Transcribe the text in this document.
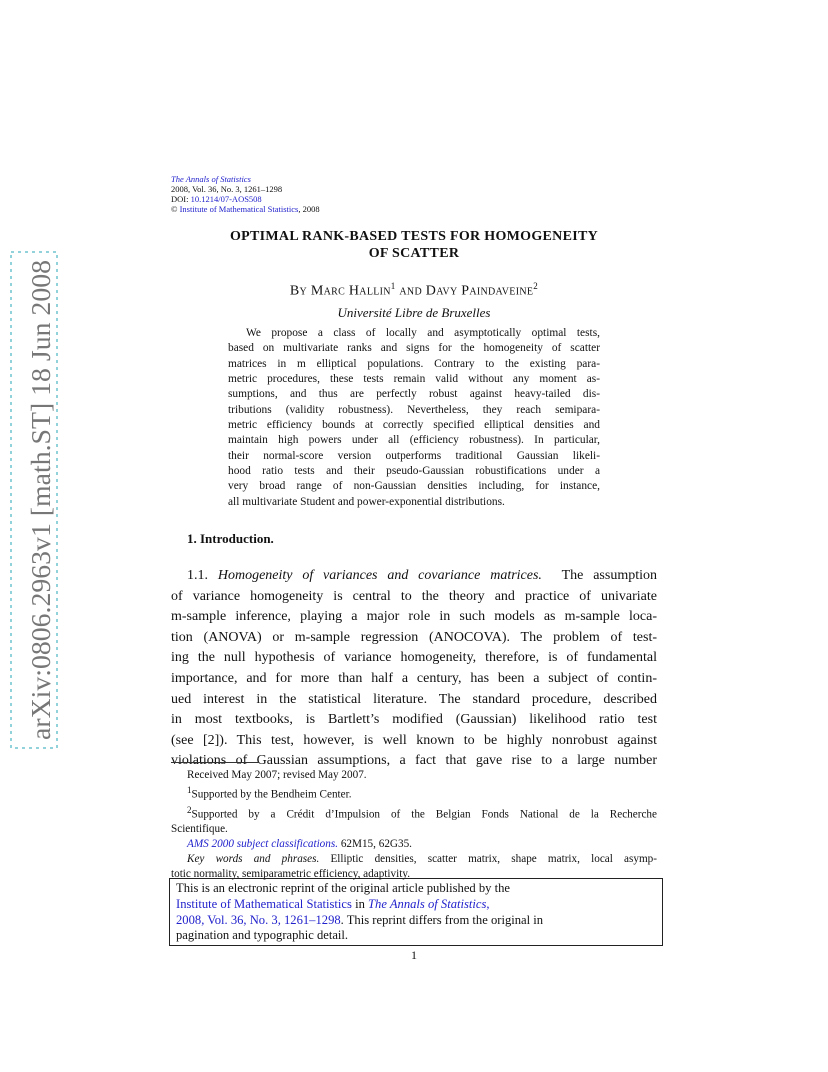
arXiv:0806.2963v1 [math.ST] 18 Jun 2008
The Annals of Statistics
2008, Vol. 36, No. 3, 1261–1298
DOI: 10.1214/07-AOS508
© Institute of Mathematical Statistics, 2008
OPTIMAL RANK-BASED TESTS FOR HOMOGENEITY
OF SCATTER
By Marc Hallin$^1$ and Davy Paindaveine$^2$
Université Libre de Bruxelles
We propose a class of locally and asymptotically optimal tests,
based on multivariate ranks and signs for the homogeneity of scatter
matrices in m elliptical populations. Contrary to the existing para-
metric procedures, these tests remain valid without any moment as-
sumptions, and thus are perfectly robust against heavy-tailed dis-
tributions (validity robustness). Nevertheless, they reach semipara-
metric efficiency bounds at correctly specified elliptical densities and
maintain high powers under all (efficiency robustness). In particular,
their normal-score version outperforms traditional Gaussian likeli-
hood ratio tests and their pseudo-Gaussian robustifications under a
very broad range of non-Gaussian densities including, for instance,
all multivariate Student and power-exponential distributions.
1. Introduction.
1.1. Homogeneity of variances and covariance matrices. The assumption
of variance homogeneity is central to the theory and practice of univariate
m-sample inference, playing a major role in such models as m-sample loca-
tion (ANOVA) or m-sample regression (ANOCOVA). The problem of test-
ing the null hypothesis of variance homogeneity, therefore, is of fundamental
importance, and for more than half a century, has been a subject of contin-
ued interest in the statistical literature. The standard procedure, described
in most textbooks, is Bartlett’s modified (Gaussian) likelihood ratio test
(see [2]). This test, however, is well known to be highly nonrobust against
violations of Gaussian assumptions, a fact that gave rise to a large number
Received May 2007; revised May 2007.
$^1$Supported by the Bendheim Center.
$^2$Supported by a Crédit d’Impulsion of the Belgian Fonds National de la Recherche
Scientifique.
AMS 2000 subject classifications. 62M15, 62G35.
Key words and phrases. Elliptic densities, scatter matrix, shape matrix, local asymp-
totic normality, semiparametric efficiency, adaptivity.
This is an electronic reprint of the original article published by the
Institute of Mathematical Statistics in The Annals of Statistics,
2008, Vol. 36, No. 3, 1261–1298. This reprint differs from the original in
pagination and typographic detail.
1
